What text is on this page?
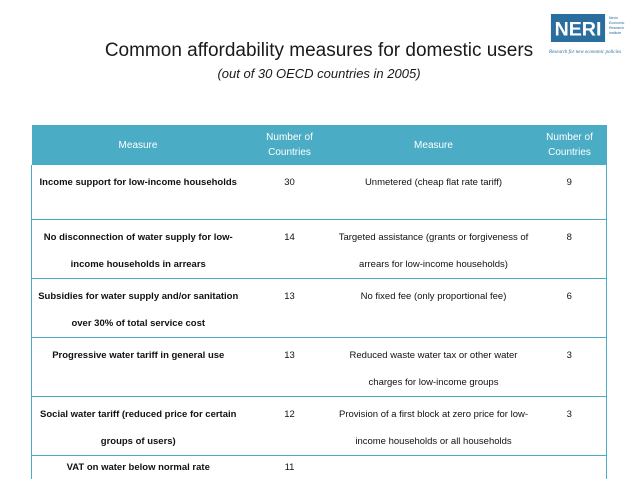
NERI
Nevin
Economic
Research
Institute
Research for new economic policies
Common affordability measures for domestic users
(out of 30 OECD countries in 2005)
Measure	Number of Countries	Measure	Number of Countries
Income support for low-income households	30	Unmetered (cheap flat rate tariff)	9
No disconnection of water supply for low-income households in arrears	14	Targeted assistance (grants or forgiveness of arrears for low-income households)	8
Subsidies for water supply and/or sanitation over 30% of total service cost	13	No fixed fee (only proportional fee)	6
Progressive water tariff in general use	13	Reduced waste water tax or other water charges for low-income groups	3
Social water tariff (reduced price for certain groups of users)	12	Provision of a first block at zero price for low-income households or all households	3
VAT on water below normal rate	11		
